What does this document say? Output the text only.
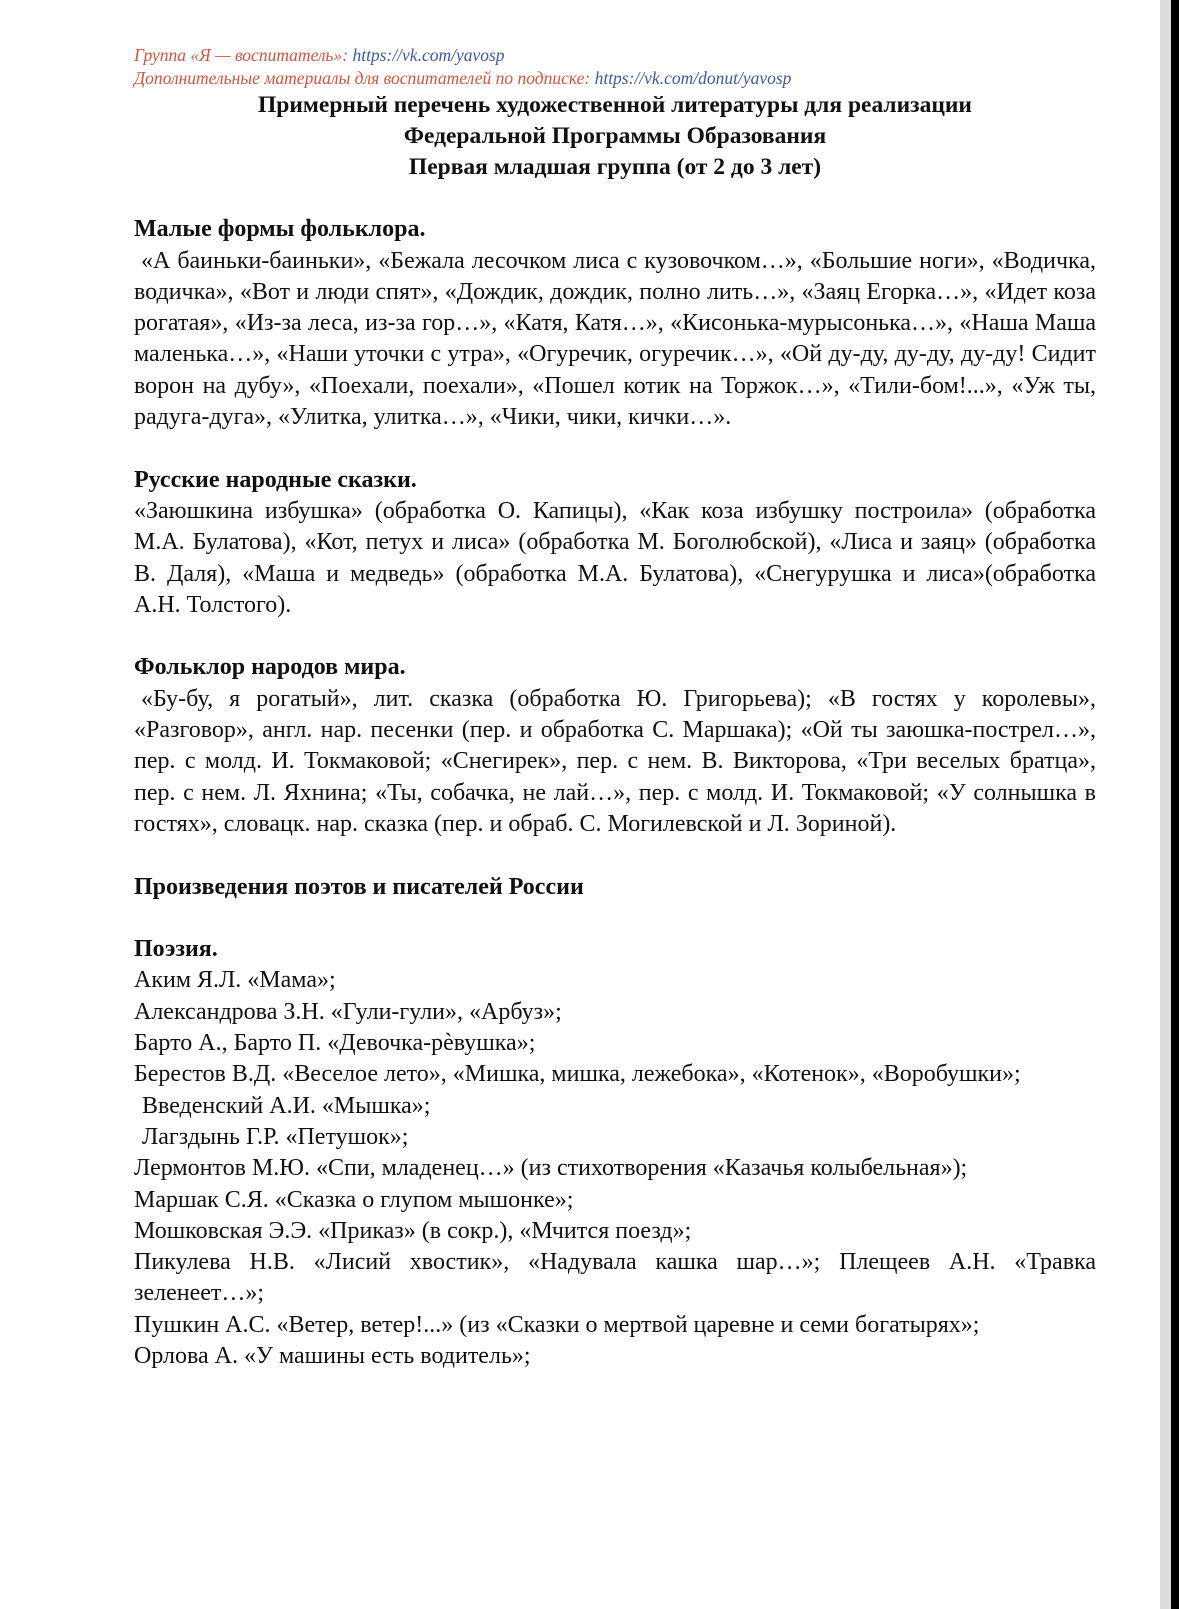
Группа «Я — воспитатель»: https://vk.com/yavosp
Дополнительные материалы для воспитателей по подписке: https://vk.com/donut/yavosp
Примерный перечень художественной литературы для реализации
Федеральной Программы Образования
Первая младшая группа (от 2 до 3 лет)
Малые формы фольклора.
«А баиньки-баиньки», «Бежала лесочком лиса с кузовочком…», «Большие ноги», «Водичка, водичка», «Вот и люди спят», «Дождик, дождик, полно лить…», «Заяц Егорка…», «Идет коза рогатая», «Из-за леса, из-за гор…», «Катя, Катя…», «Кисонька-мурысонька…», «Наша Маша маленька…», «Наши уточки с утра», «Огуречик, огуречик…», «Ой ду-ду, ду-ду, ду-ду! Сидит ворон на дубу», «Поехали, поехали», «Пошел котик на Торжок…», «Тили-бом!...», «Уж ты, радуга-дуга», «Улитка, улитка…», «Чики, чики, кички…».
Русские народные сказки.
«Заюшкина избушка» (обработка О. Капицы), «Как коза избушку построила» (обработка М.А. Булатова), «Кот, петух и лиса» (обработка М. Боголюбской), «Лиса и заяц» (обработка В. Даля), «Маша и медведь» (обработка М.А. Булатова), «Снегурушка и лиса»(обработка А.Н. Толстого).
Фольклор народов мира.
«Бу-бу, я рогатый», лит. сказка (обработка Ю. Григорьева); «В гостях у королевы», «Разговор», англ. нар. песенки (пер. и обработка С. Маршака); «Ой ты заюшка-пострел…», пер. с молд. И. Токмаковой; «Снегирек», пер. с нем. В. Викторова, «Три веселых братца», пер. с нем. Л. Яхнина; «Ты, собачка, не лай…», пер. с молд. И. Токмаковой; «У солнышка в гостях», словацк. нар. сказка (пер. и обраб. С. Могилевской и Л. Зориной).
Произведения поэтов и писателей России
Поэзия.
Аким Я.Л. «Мама»;
Александрова З.Н. «Гули-гули», «Арбуз»;
Барто А., Барто П. «Девочка-рѐвушка»;
Берестов В.Д. «Веселое лето», «Мишка, мишка, лежебока», «Котенок», «Воробушки»;
Введенский А.И. «Мышка»;
Лагздынь Г.Р. «Петушок»;
Лермонтов М.Ю. «Спи, младенец…» (из стихотворения «Казачья колыбельная»);
Маршак С.Я. «Сказка о глупом мышонке»;
Мошковская Э.Э. «Приказ» (в сокр.), «Мчится поезд»;
Пикулева Н.В. «Лисий хвостик», «Надувала кашка шар…»; Плещеев А.Н. «Травка зеленеет…»;
Пушкин А.С. «Ветер, ветер!...» (из «Сказки о мертвой царевне и семи богатырях»;
Орлова А. «У машины есть водитель»;
